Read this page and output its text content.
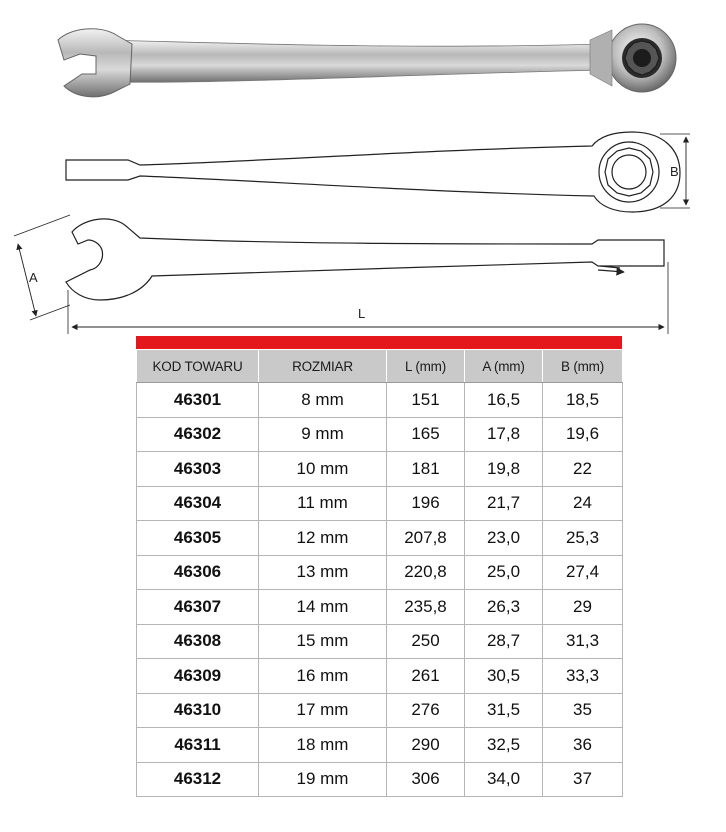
B
A
L
KOD TOWARU	ROZMIAR	L (mm)	A (mm)	B (mm)
46301	8 mm	151	16,5	18,5
46302	9 mm	165	17,8	19,6
46303	10 mm	181	19,8	22
46304	11 mm	196	21,7	24
46305	12 mm	207,8	23,0	25,3
46306	13 mm	220,8	25,0	27,4
46307	14 mm	235,8	26,3	29
46308	15 mm	250	28,7	31,3
46309	16 mm	261	30,5	33,3
46310	17 mm	276	31,5	35
46311	18 mm	290	32,5	36
46312	19 mm	306	34,0	37
